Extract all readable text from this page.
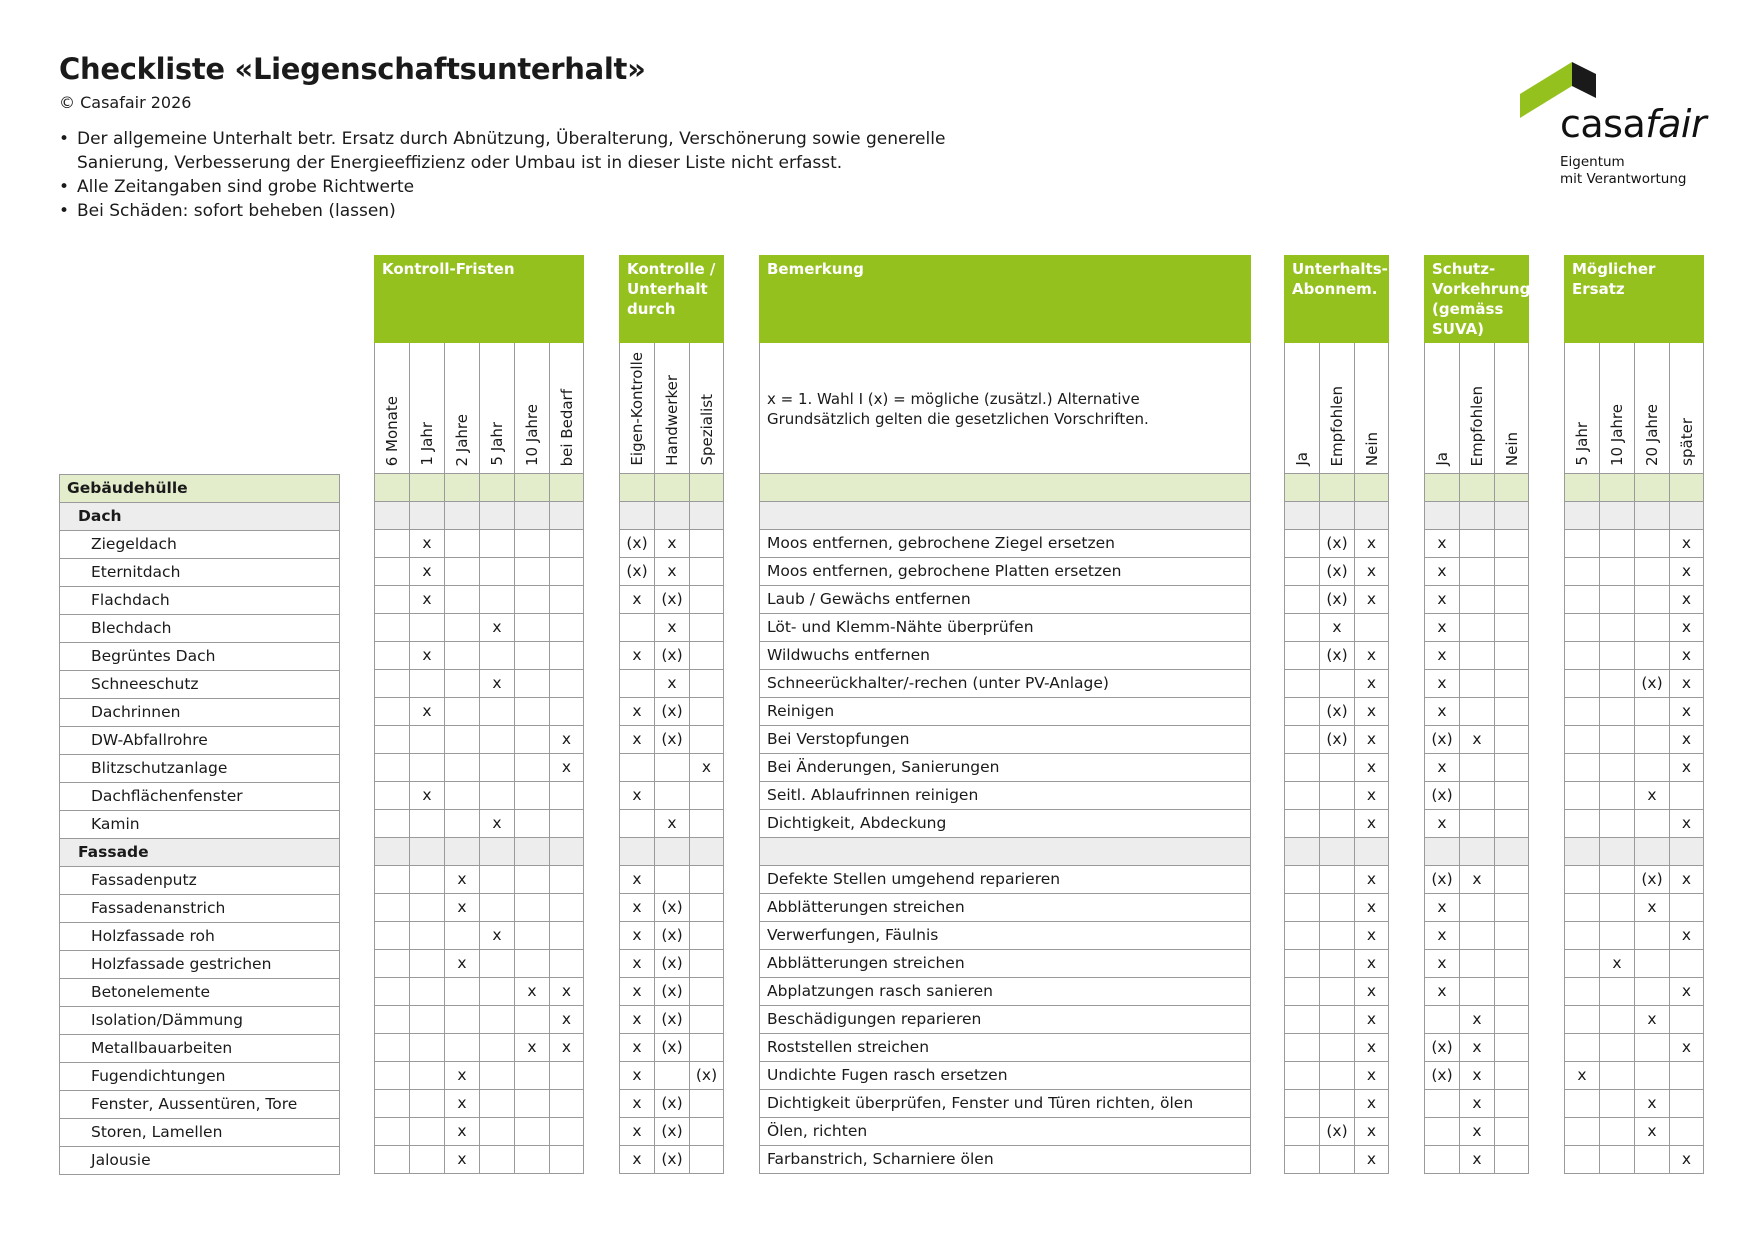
Checkliste «Liegenschaftsunterhalt»
© Casafair 2026
• Der allgemeine Unterhalt betr. Ersatz durch Abnützung, Überalterung, Verschönerung sowie generelle Sanierung, Verbesserung der Energieeffizienz oder Umbau ist in dieser Liste nicht erfasst.
• Alle Zeitangaben sind grobe Richtwerte
• Bei Schäden: sofort beheben (lassen)
casafair
Eigentum
mit Verantwortung
Gebäudehülle
Dach
Ziegeldach
Eternitdach
Flachdach
Blechdach
Begrüntes Dach
Schneeschutz
Dachrinnen
DW-Abfallrohre
Blitzschutzanlage
Dachflächenfenster
Kamin
Fassade
Fassadenputz
Fassadenanstrich
Holzfassade roh
Holzfassade gestrichen
Betonelemente
Isolation/Dämmung
Metallbauarbeiten
Fugendichtungen
Fenster, Aussentüren, Tore
Storen, Lamellen
Jalousie
Kontroll-Fristen
6 Monate 1 Jahr
x
x
x
x
x
x
2 Jahre
x
x
x
x
x
x
x
5 Jahr
x
x
x
x
10 Jahre
x
x
bei Bedarf
x
x
x
x
x
Kontrolle / Unterhalt durch
Eigen-Kontrolle
(x)
(x)
x
x
x
x
x
x
x
x
x
x
x
x
x
x
x
x
Handwerker
x
x
(x)
x
(x)
x
(x)
(x)
x
(x)
(x)
(x)
(x)
(x)
(x)
(x)
(x)
(x)
Spezialist
x
(x)
Bemerkung
x = 1. Wahl I (x) = mögliche (zusätzl.) Alternative
Grundsätzlich gelten die gesetzlichen Vorschriften.
Moos entfernen, gebrochene Ziegel ersetzen
Moos entfernen, gebrochene Platten ersetzen
Laub / Gewächs entfernen
Löt- und Klemm-Nähte überprüfen
Wildwuchs entfernen
Schneerückhalter/-rechen (unter PV-Anlage)
Reinigen
Bei Verstopfungen
Bei Änderungen, Sanierungen
Seitl. Ablaufrinnen reinigen
Dichtigkeit, Abdeckung
Defekte Stellen umgehend reparieren
Abblätterungen streichen
Verwerfungen, Fäulnis
Abblätterungen streichen
Abplatzungen rasch sanieren
Beschädigungen reparieren
Roststellen streichen
Undichte Fugen rasch ersetzen
Dichtigkeit überprüfen, Fenster und Türen richten, ölen
Ölen, richten
Farbanstrich, Scharniere ölen
Unterhalts-Abonnem.
Ja Empfohlen
(x)
(x)
(x)
x
(x)
(x)
(x)
(x)
Nein
x
x
x
x
x
x
x
x
x
x
x
x
x
x
x
x
x
x
x
x
x
Schutz-Vorkehrung (gemäss SUVA)
Ja
x
x
x
x
x
x
x
(x)
x
(x)
x
(x)
x
x
x
x
(x)
(x)
Empfohlen
x
x
x
x
x
x
x
x
Nein
Möglicher Ersatz
5 Jahr
x
10 Jahre
x
20 Jahre
(x)
x
(x)
x
x
x
x
später
x
x
x
x
x
x
x
x
x
x
x
x
x
x
x
